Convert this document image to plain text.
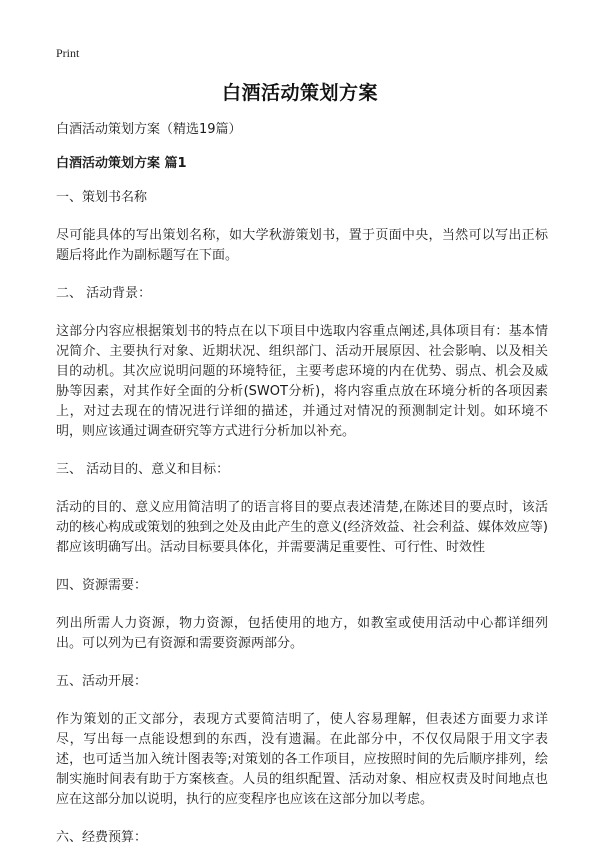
Print
白酒活动策划方案

白酒活动策划方案（精选19篇）

白酒活动策划方案 篇1

一、策划书名称

尽可能具体的写出策划名称，如大学秋游策划书，置于页面中央，当然可以写出正标题后将此作为副标题写在下面。

二、 活动背景：

这部分内容应根据策划书的特点在以下项目中选取内容重点阐述,具体项目有：基本情况简介、主要执行对象、近期状况、组织部门、活动开展原因、社会影响、以及相关目的动机。其次应说明问题的环境特征，主要考虑环境的内在优势、弱点、机会及威胁等因素，对其作好全面的分析(SWOT分析)，将内容重点放在环境分析的各项因素上，对过去现在的情况进行详细的描述，并通过对情况的预测制定计划。如环境不明，则应该通过调查研究等方式进行分析加以补充。

三、 活动目的、意义和目标：

活动的目的、意义应用简洁明了的语言将目的要点表述清楚,在陈述目的要点时，该活动的核心构成或策划的独到之处及由此产生的意义(经济效益、社会利益、媒体效应等)都应该明确写出。活动目标要具体化，并需要满足重要性、可行性、时效性

四、资源需要：

列出所需人力资源，物力资源，包括使用的地方，如教室或使用活动中心都详细列出。可以列为已有资源和需要资源两部分。

五、活动开展：

作为策划的正文部分，表现方式要简洁明了，使人容易理解，但表述方面要力求详尽，写出每一点能设想到的东西，没有遗漏。在此部分中，不仅仅局限于用文字表述，也可适当加入统计图表等;对策划的各工作项目，应按照时间的先后顺序排列，绘制实施时间表有助于方案核查。人员的组织配置、活动对象、相应权责及时间地点也应在这部分加以说明，执行的应变程序也应该在这部分加以考虑。

六、经费预算：
